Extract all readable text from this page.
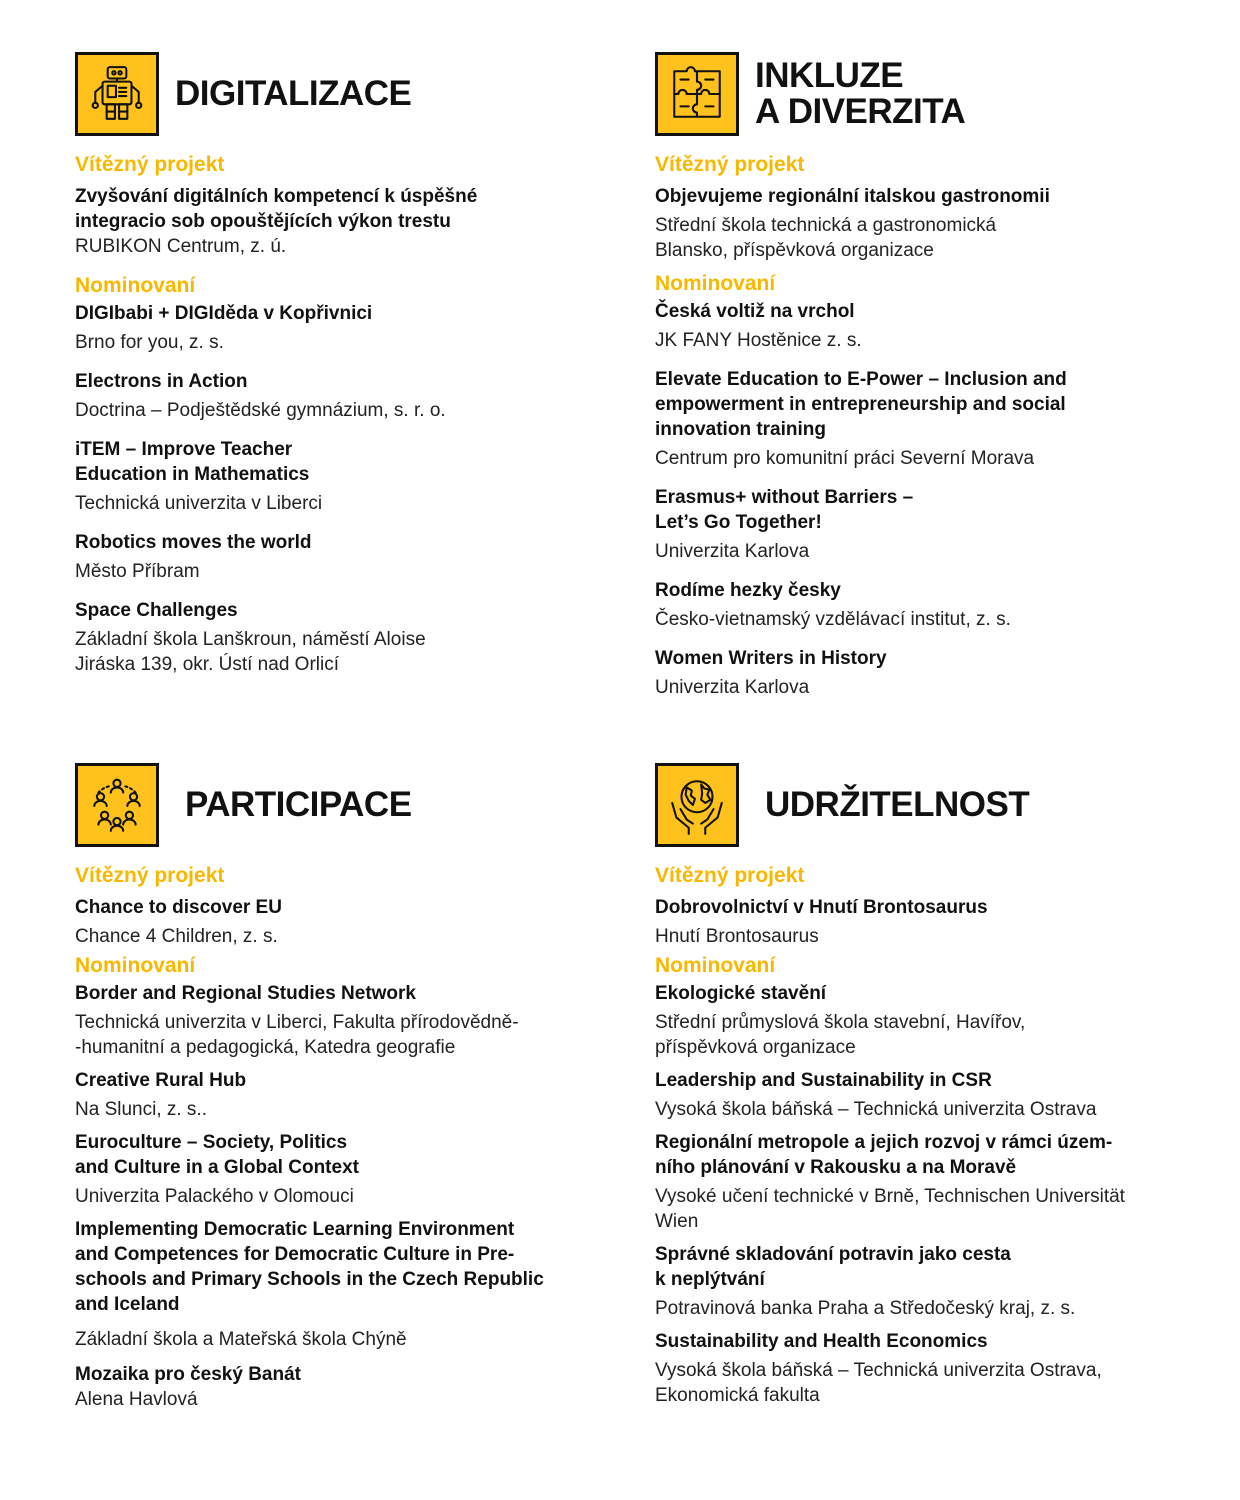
DIGITALIZACE
Vítězný projekt
Zvyšování digitálních kompetencí k úspěšné
integracio sob opouštějících výkon trestu
RUBIKON Centrum, z. ú.
Nominovaní
DIGIbabi + DIGIděda v Kopřivnici
Brno for you, z. s.
Electrons in Action
Doctrina – Podještědské gymnázium, s. r. o.
iTEM – Improve Teacher
Education in Mathematics
Technická univerzita v Liberci
Robotics moves the world
Město Příbram
Space Challenges
Základní škola Lanškroun, náměstí Aloise
Jiráska 139, okr. Ústí nad Orlicí
INKLUZE
A DIVERZITA
Vítězný projekt
Objevujeme regionální italskou gastronomii
Střední škola technická a gastronomická
Blansko, příspěvková organizace
Nominovaní
Česká voltiž na vrchol
JK FANY Hostěnice z. s.
Elevate Education to E-Power – Inclusion and
empowerment in entrepreneurship and social
innovation training
Centrum pro komunitní práci Severní Morava
Erasmus+ without Barriers –
Let’s Go Together!
Univerzita Karlova
Rodíme hezky česky
Česko-vietnamský vzdělávací institut, z. s.
Women Writers in History
Univerzita Karlova
PARTICIPACE
Vítězný projekt
Chance to discover EU
Chance 4 Children, z. s.
Nominovaní
Border and Regional Studies Network
Technická univerzita v Liberci, Fakulta přírodovědně-
-humanitní a pedagogická, Katedra geografie
Creative Rural Hub
Na Slunci, z. s..
Euroculture – Society, Politics
and Culture in a Global Context
Univerzita Palackého v Olomouci
Implementing Democratic Learning Environment
and Competences for Democratic Culture in Pre-
schools and Primary Schools in the Czech Republic
and Iceland
Základní škola a Mateřská škola Chýně
Mozaika pro český Banát
Alena Havlová
UDRŽITELNOST
Vítězný projekt
Dobrovolnictví v Hnutí Brontosaurus
Hnutí Brontosaurus
Nominovaní
Ekologické stavění
Střední průmyslová škola stavební, Havířov,
příspěvková organizace
Leadership and Sustainability in CSR
Vysoká škola báňská – Technická univerzita Ostrava
Regionální metropole a jejich rozvoj v rámci územ-
ního plánování v Rakousku a na Moravě
Vysoké učení technické v Brně, Technischen Universität
Wien
Správné skladování potravin jako cesta
k neplýtvání
Potravinová banka Praha a Středočeský kraj, z. s.
Sustainability and Health Economics
Vysoká škola báňská – Technická univerzita Ostrava,
Ekonomická fakulta
